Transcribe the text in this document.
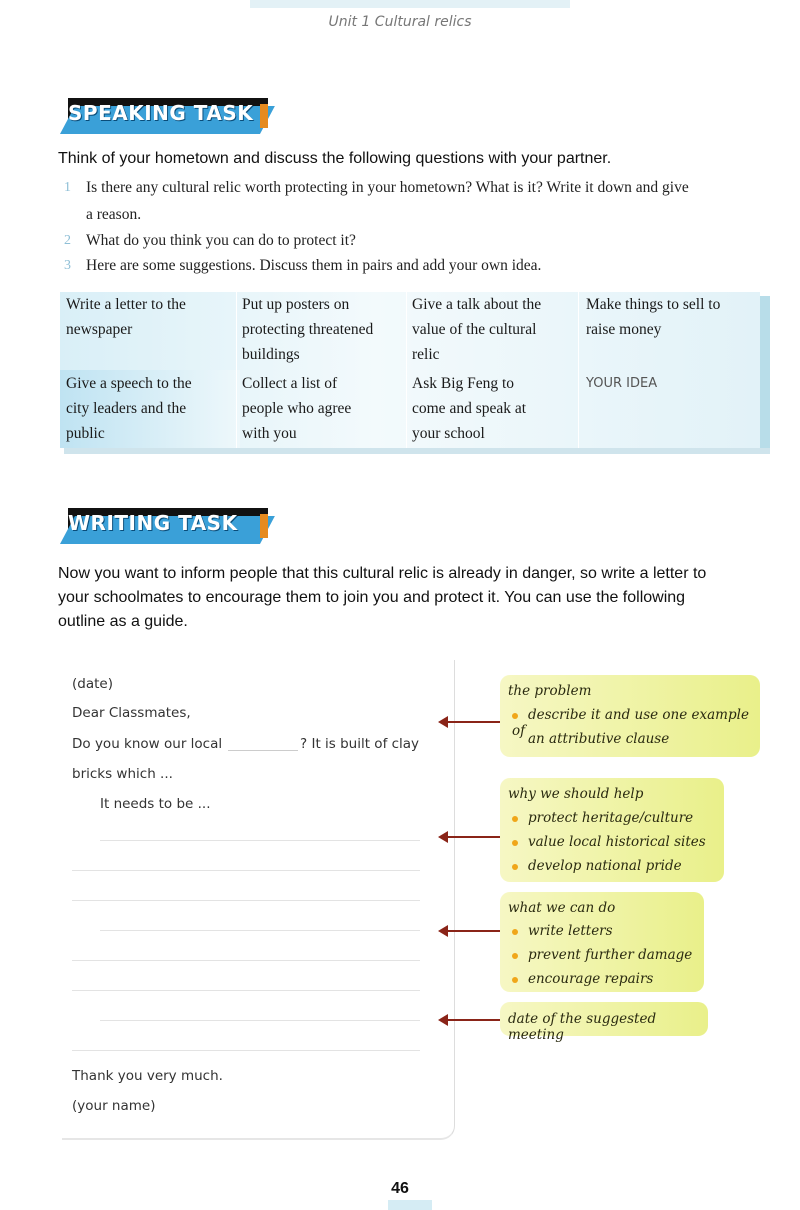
Unit 1 Cultural relics
SPEAKING TASK
Think of your hometown and discuss the following questions with your partner.
1 Is there any cultural relic worth protecting in your hometown? What is it? Write it down and give
a reason.
2 What do you think you can do to protect it?
3 Here are some suggestions. Discuss them in pairs and add your own idea.
Write a letter to the
newspaper
Put up posters on
protecting threatened
buildings
Give a talk about the
value of the cultural
relic
Make things to sell to
raise money
Give a speech to the
city leaders and the
public
Collect a list of
people who agree
with you
Ask Big Feng to
come and speak at
your school
YOUR IDEA
WRITING TASK
Now you want to inform people that this cultural relic is already in danger, so write a letter to
your schoolmates to encourage them to join you and protect it. You can use the following
outline as a guide.
(date)
Dear Classmates,
Do you know our local	? It is built of clay
bricks which ...
It needs to be ...
Thank you very much.
(your name)
the problem
describe it and use one example of an attributive clause
why we should help
protect heritage/culture
value local historical sites
develop national pride
what we can do
write letters
prevent further damage
encourage repairs
date of the suggested meeting
46
